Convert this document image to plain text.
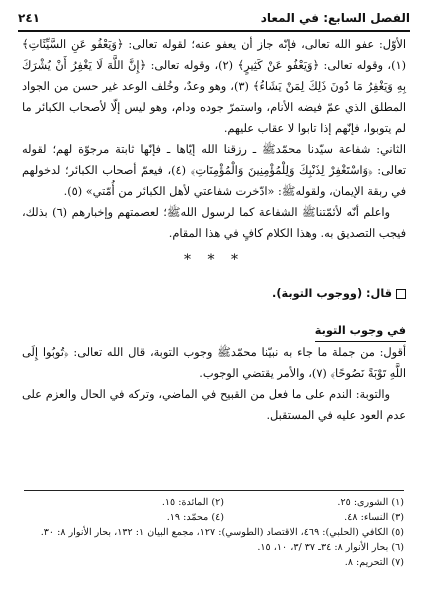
الفصل السابع: في المعاد
٢٤١

الأوّل: عفو الله تعالى، فإنّه جاز أن يعفو عنه؛ لقوله تعالى: ﴿وَيَعْفُو عَنِ السَّيِّئَاتِ﴾ (١)، وقوله تعالى: ﴿وَيَعْفُو عَنْ كَثِيرٍ﴾ (٢)، وقوله تعالى: ﴿إِنَّ اللَّهَ لَا يَغْفِرُ أَنْ يُشْرَكَ بِهِ وَيَغْفِرُ مَا دُونَ ذَلِكَ لِمَنْ يَشَاءُ﴾ (٣)، وهو وعدٌ، وخُلف الوعد غير حسن من الجواد المطلق الذي عمّ فيضه الأنام، واستمرّ جوده ودام، وهو ليس إلّا لأصحاب الكبائر ما لم يتوبوا، فإنّهم إذا تابوا لا عقاب عليهم.

الثاني: شفاعة سيّدنا محمّدﷺ ـ رزقنا الله إيّاها ـ فإنّها ثابتة مرجوّة لهم؛ لقوله تعالى: ﴿وَاسْتَغْفِرْ لِذَنْبِكَ وَلِلْمُؤْمِنِينَ وَالْمُؤْمِنَاتِ﴾ (٤)، فيعمّ أصحاب الكبائر؛ لدخولهم في ربقة الإيمان، ولقولهﷺ: «ادّخرت شفاعتي لأهل الكبائر من أُمّتي» (٥).

واعلم أنّه لأئمّتناﷺ الشفاعة كما لرسول اللهﷺ؛ لعصمتهم وإخبارهم (٦) بذلك، فيجب التصديق به. وهذا الكلام كافٍ في هذا المقام.

* * *
قال: (ووجوب التوبة).
في وجوب التوبة

أقول: من جملة ما جاء به نبيّنا محمّدﷺ وجوب التوبة، قال الله تعالى: ﴿تُوبُوا إِلَى اللَّهِ تَوْبَةً نَصُوحًا﴾ (٧)، والأمر يقتضي الوجوب.

والتوبة: الندم على ما فعل من القبيح في الماضي، وتركه في الحال والعزم على عدم العود عليه في المستقبل.

(١) الشورى: ٢٥.
(٢) المائدة: ١٥.
(٣) النساء: ٤٨.
(٤) محمّد: ١٩.

(٥) الكافي (الحلبي): ٤٦٩، الاقتصاد (الطوسي): ١٢٧، مجمع البيان ١: ١٣٢، بحار الأنوار ٨: ٣٠.

(٦) بحار الأنوار ٨: ٣٤ـ ٣٧ /٣، ١٠، ١٥.

(٧) التحريم: ٨.
